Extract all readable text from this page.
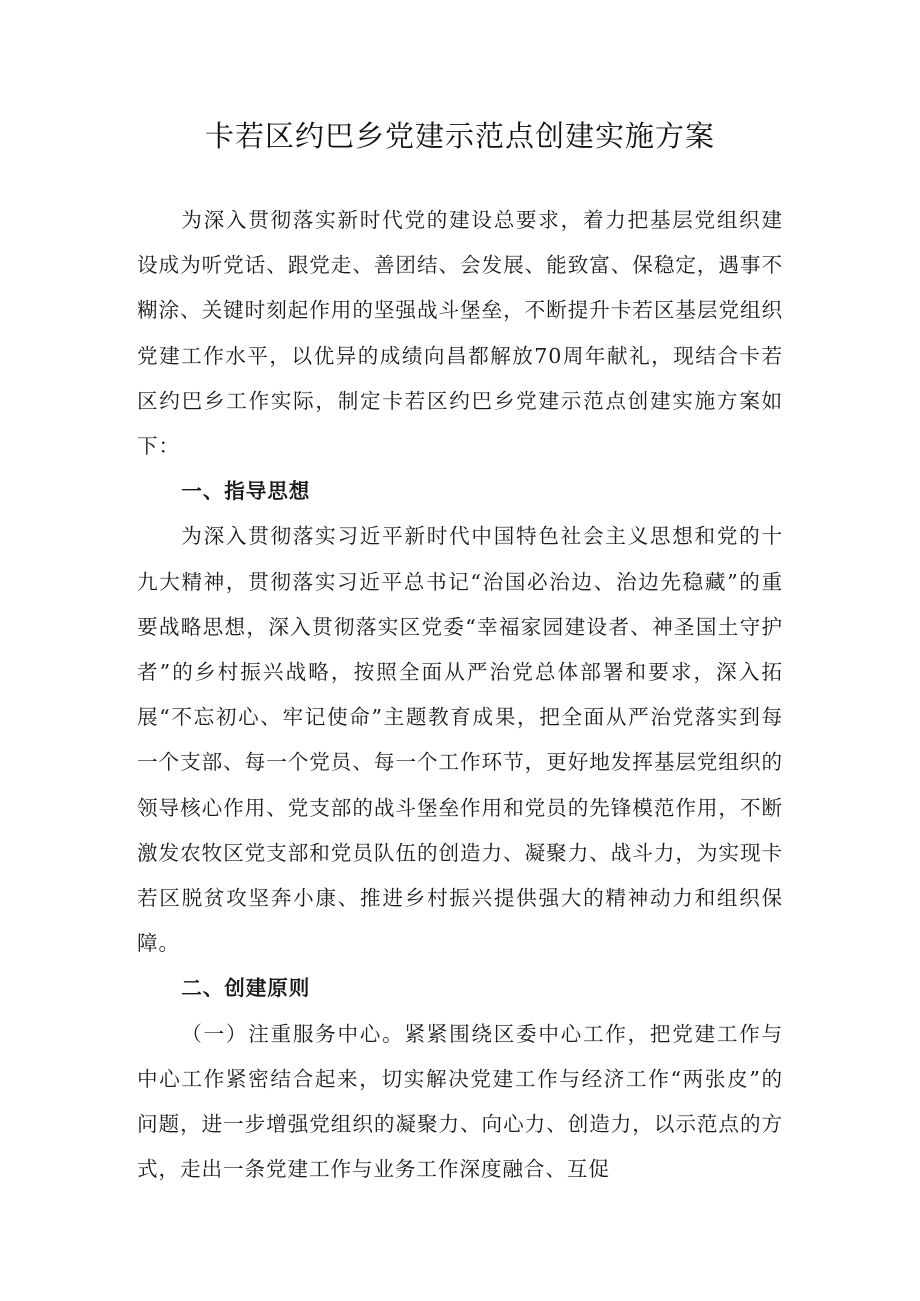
卡若区约巴乡党建示范点创建实施方案

为深入贯彻落实新时代党的建设总要求，着力把基层党组织建设成为听党话、跟党走、善团结、会发展、能致富、保稳定，遇事不糊涂、关键时刻起作用的坚强战斗堡垒，不断提升卡若区基层党组织党建工作水平，以优异的成绩向昌都解放70周年献礼，现结合卡若区约巴乡工作实际，制定卡若区约巴乡党建示范点创建实施方案如下：

一、指导思想

为深入贯彻落实习近平新时代中国特色社会主义思想和党的十九大精神，贯彻落实习近平总书记“治国必治边、治边先稳藏”的重要战略思想，深入贯彻落实区党委“幸福家园建设者、神圣国土守护者”的乡村振兴战略，按照全面从严治党总体部署和要求，深入拓展“不忘初心、牢记使命”主题教育成果，把全面从严治党落实到每一个支部、每一个党员、每一个工作环节，更好地发挥基层党组织的领导核心作用、党支部的战斗堡垒作用和党员的先锋模范作用，不断激发农牧区党支部和党员队伍的创造力、凝聚力、战斗力，为实现卡若区脱贫攻坚奔小康、推进乡村振兴提供强大的精神动力和组织保障。

二、创建原则

（一）注重服务中心。紧紧围绕区委中心工作，把党建工作与中心工作紧密结合起来，切实解决党建工作与经济工作“两张皮”的问题，进一步增强党组织的凝聚力、向心力、创造力，以示范点的方式，走出一条党建工作与业务工作深度融合、互促
